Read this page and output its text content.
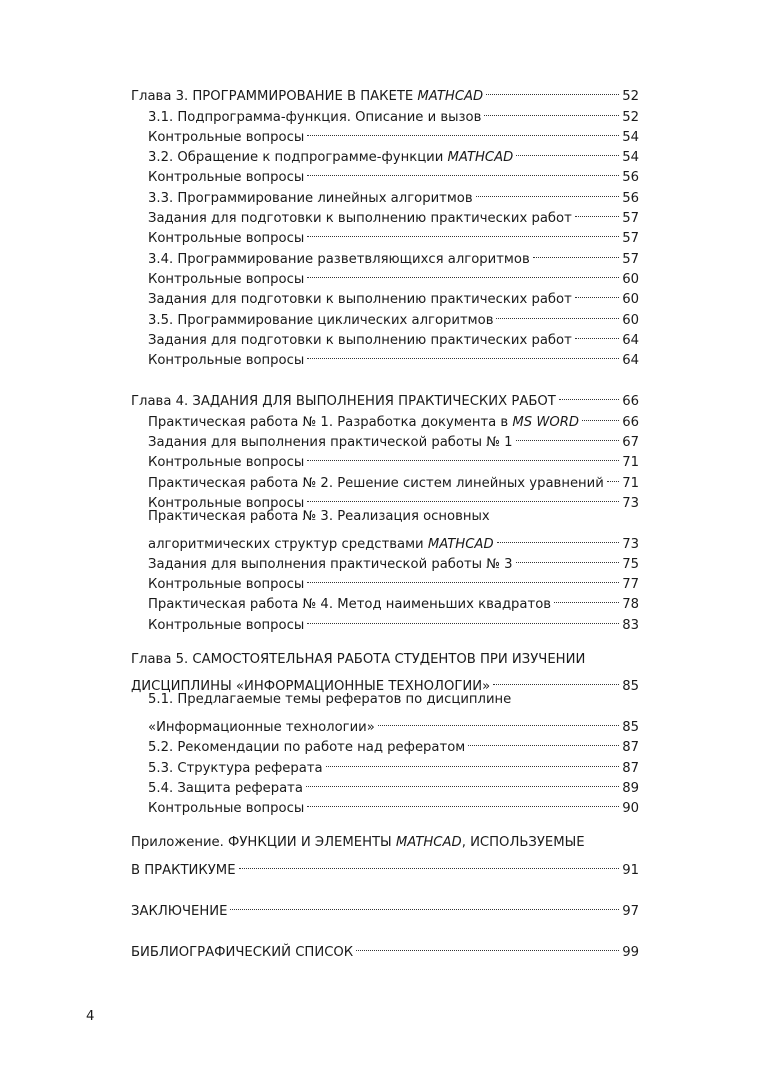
Глава 3. ПРОГРАММИРОВАНИЕ В ПАКЕТЕ MATHCAD	52
3.1. Подпрограмма-функция. Описание и вызов	52
Контрольные вопросы	54
3.2. Обращение к подпрограмме-функции MATHCAD	54
Контрольные вопросы	56
3.3. Программирование линейных алгоритмов	56
Задания для подготовки к выполнению практических работ	57
Контрольные вопросы	57
3.4. Программирование разветвляющихся алгоритмов	57
Контрольные вопросы	60
Задания для подготовки к выполнению практических работ	60
3.5. Программирование циклических алгоритмов	60
Задания для подготовки к выполнению практических работ	64
Контрольные вопросы	64
Глава 4. ЗАДАНИЯ ДЛЯ ВЫПОЛНЕНИЯ ПРАКТИЧЕСКИХ РАБОТ	66
Практическая работа № 1. Разработка документа в MS WORD	66
Задания для выполнения практической работы № 1	67
Контрольные вопросы	71
Практическая работа № 2. Решение систем линейных уравнений 71
Контрольные вопросы	73
Практическая работа № 3. Реализация основных
алгоритмических структур средствами MATHCAD	73
Задания для выполнения практической работы № 3	75
Контрольные вопросы	77
Практическая работа № 4. Метод наименьших квадратов	78
Контрольные вопросы	83
Глава 5. САМОСТОЯТЕЛЬНАЯ РАБОТА СТУДЕНТОВ ПРИ ИЗУЧЕНИИ
ДИСЦИПЛИНЫ «ИНФОРМАЦИОННЫЕ ТЕХНОЛОГИИ»	85
5.1. Предлагаемые темы рефератов по дисциплине
«Информационные технологии»	85
5.2. Рекомендации по работе над рефератом	87
5.3. Структура реферата	87
5.4. Защита реферата	89
Контрольные вопросы	90
Приложение. ФУНКЦИИ И ЭЛЕМЕНТЫ MATHCAD, ИСПОЛЬЗУЕМЫЕ
В ПРАКТИКУМЕ	91
ЗАКЛЮЧЕНИЕ	97
БИБЛИОГРАФИЧЕСКИЙ СПИСОК	99
4
